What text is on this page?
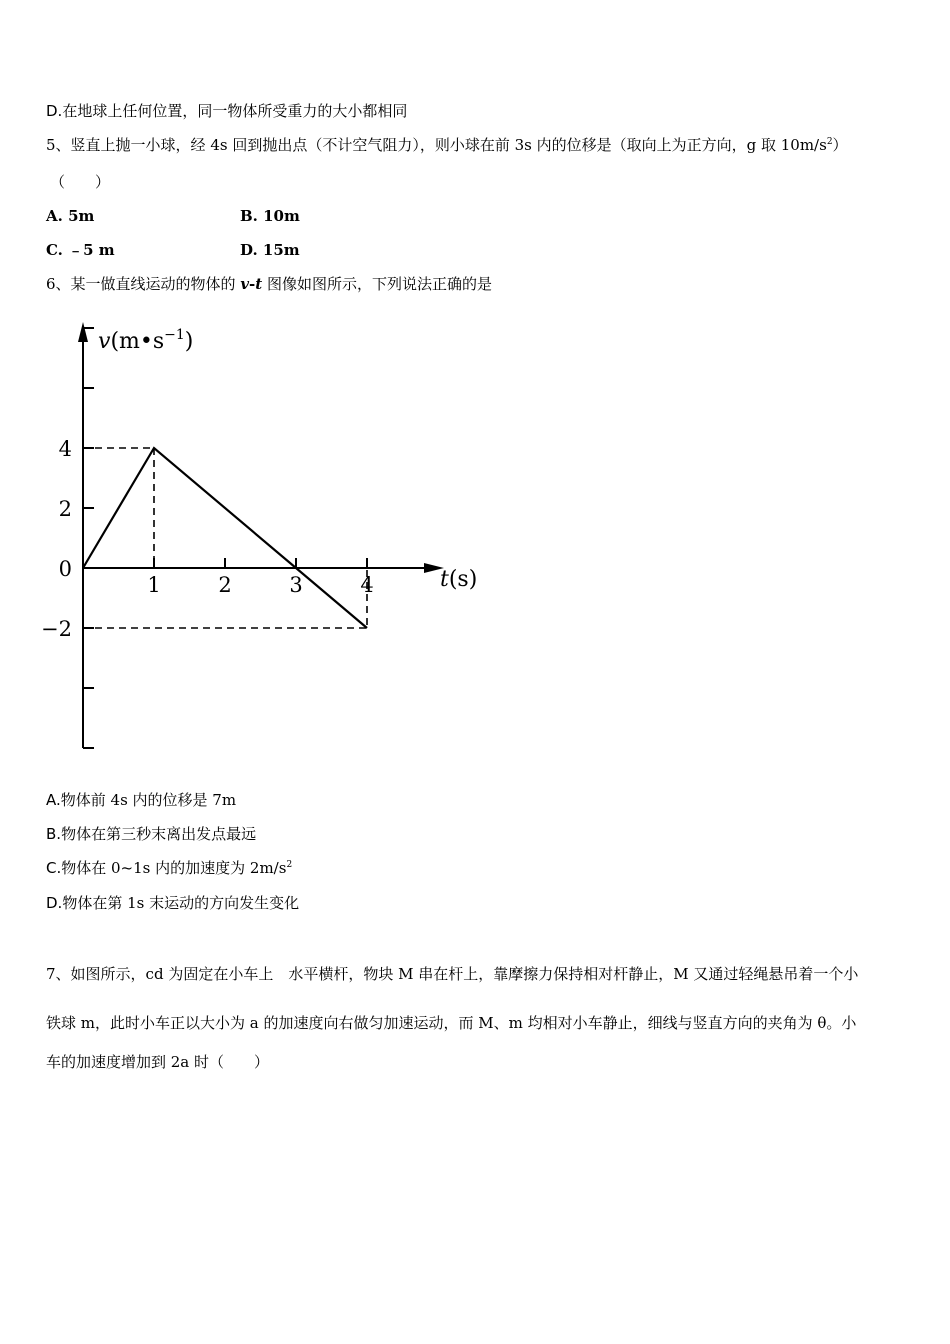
D.在地球上任何位置，同一物体所受重力的大小都相同
5、竖直上抛一小球，经 4s 回到抛出点（不计空气阻力），则小球在前 3s 内的位移是（取向上为正方向，g 取 $10m/s^2$）
（　　）
A. 5m	B. 10m
C. ﹣5 m	D. 15m
6、某一做直线运动的物体的 v-t 图像如图所示，下列说法正确的是
1	2	3	4
4
2
0
−2
$v(m•s^{-1})$
t(s)
A.物体前 4s 内的位移是 7m
B.物体在第三秒末离出发点最远
C.物体在 0~1s 内的加速度为 $2m/s^2$
D.物体在第 1s 末运动的方向发生变化
7、如图所示，cd 为固定在小车上　水平横杆，物块 M 串在杆上，靠摩擦力保持相对杆静止，M 又通过轻绳悬吊着一个小
铁球 m，此时小车正以大小为 a 的加速度向右做匀加速运动，而 M、m 均相对小车静止，细线与竖直方向的夹角为 θ。小
车的加速度增加到 2a 时（　　）
